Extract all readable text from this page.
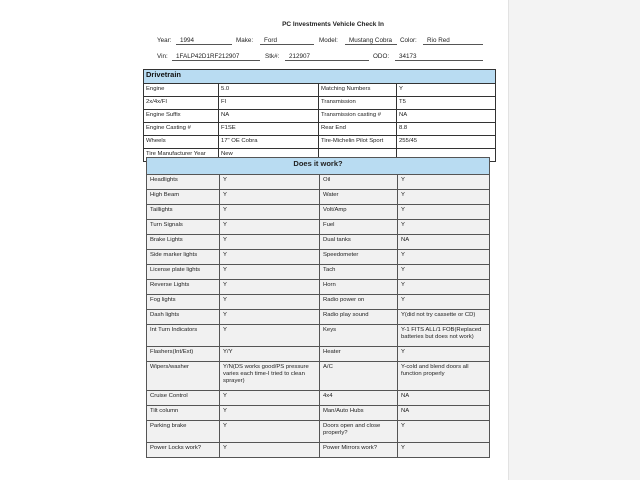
PC Investments Vehicle Check In
Year: 1994	Make: Ford	Model: Mustang Cobra Color: Rio Red
Vin: 1FALP42D1RF212907	Stk#: 212907	ODO: 34173
Drivetrain			
Engine	5.0	Matching Numbers	Y
2x/4x/FI	FI	Transmission	T5
Engine Suffix	NA	Transmission casting #	NA
Engine Casting #	F1SE	Rear End	8.8
Wheels	17" OE Cobra	Tire-Michelin Pilot Sport	255/45
Tire Manufacturer Year	New		
Does it work?			
Headlights	Y	Oil	Y
High Beam	Y	Water	Y
Taillights	Y	Volt/Amp	Y
Turn Signals	Y	Fuel	Y
Brake Lights	Y	Dual tanks	NA
Side marker lights	Y	Speedometer	Y
License plate lights	Y	Tach	Y
Reverse Lights	Y	Horn	Y
Fog lights	Y	Radio power on	Y
Dash lights	Y	Radio play sound	Y(did not try cassette or CD)
Int Turn Indicators	Y	Keys	Y-1 FITS ALL/1 FOB(Replaced batteries but does not work)
Flashers(Int/Ext)	Y/Y	Heater	Y
Wipers/washer	Y/N(DS works good/PS pressure varies each time-I tried to clean sprayer)	A/C	Y-cold and blend doors all function properly
Cruise Control	Y	4x4	NA
Tilt column	Y	Man/Auto Hubs	NA
Parking brake	Y	Doors open and close properly?	Y
Power Locks work?	Y	Power Mirrors work?	Y
